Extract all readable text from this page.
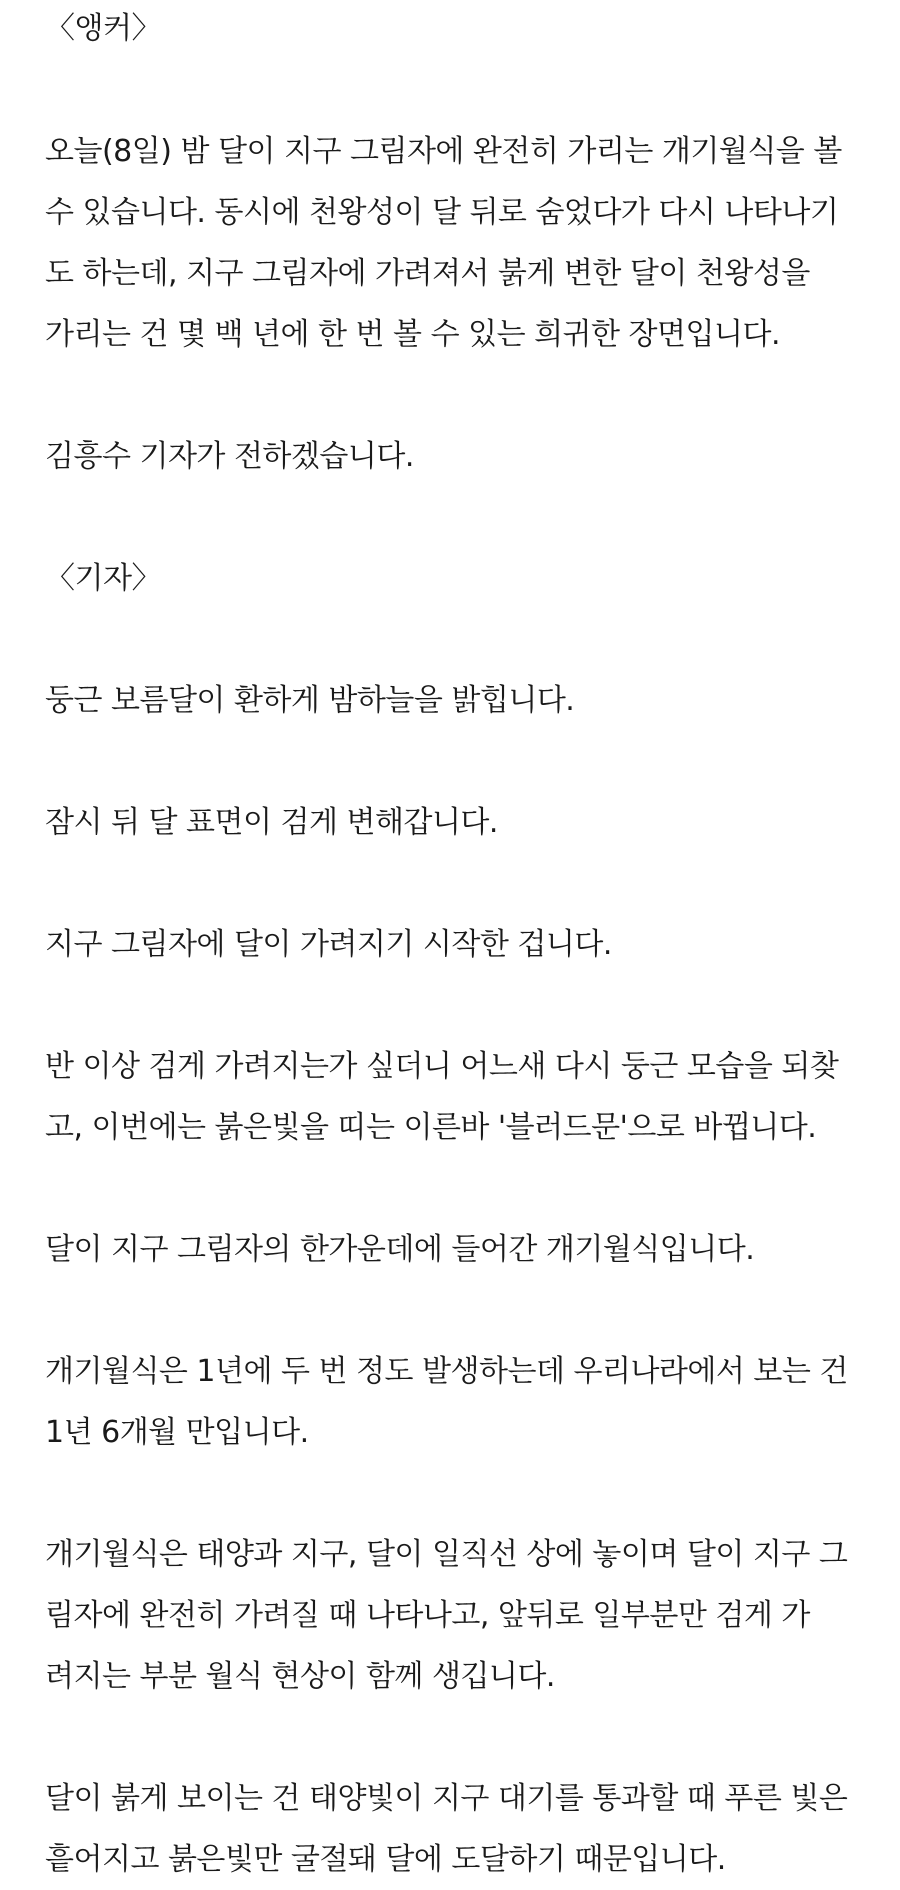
〈앵커〉
오늘(8일) 밤 달이 지구 그림자에 완전히 가리는 개기월식을 볼
수 있습니다. 동시에 천왕성이 달 뒤로 숨었다가 다시 나타나기
도 하는데, 지구 그림자에 가려져서 붉게 변한 달이 천왕성을
가리는 건 몇 백 년에 한 번 볼 수 있는 희귀한 장면입니다.
김흥수 기자가 전하겠습니다.
〈기자〉
둥근 보름달이 환하게 밤하늘을 밝힙니다.
잠시 뒤 달 표면이 검게 변해갑니다.
지구 그림자에 달이 가려지기 시작한 겁니다.
반 이상 검게 가려지는가 싶더니 어느새 다시 둥근 모습을 되찾
고, 이번에는 붉은빛을 띠는 이른바 '블러드문'으로 바뀝니다.
달이 지구 그림자의 한가운데에 들어간 개기월식입니다.
개기월식은 1년에 두 번 정도 발생하는데 우리나라에서 보는 건
1년 6개월 만입니다.
개기월식은 태양과 지구, 달이 일직선 상에 놓이며 달이 지구 그
림자에 완전히 가려질 때 나타나고, 앞뒤로 일부분만 검게 가
려지는 부분 월식 현상이 함께 생깁니다.
달이 붉게 보이는 건 태양빛이 지구 대기를 통과할 때 푸른 빛은
흩어지고 붉은빛만 굴절돼 달에 도달하기 때문입니다.
